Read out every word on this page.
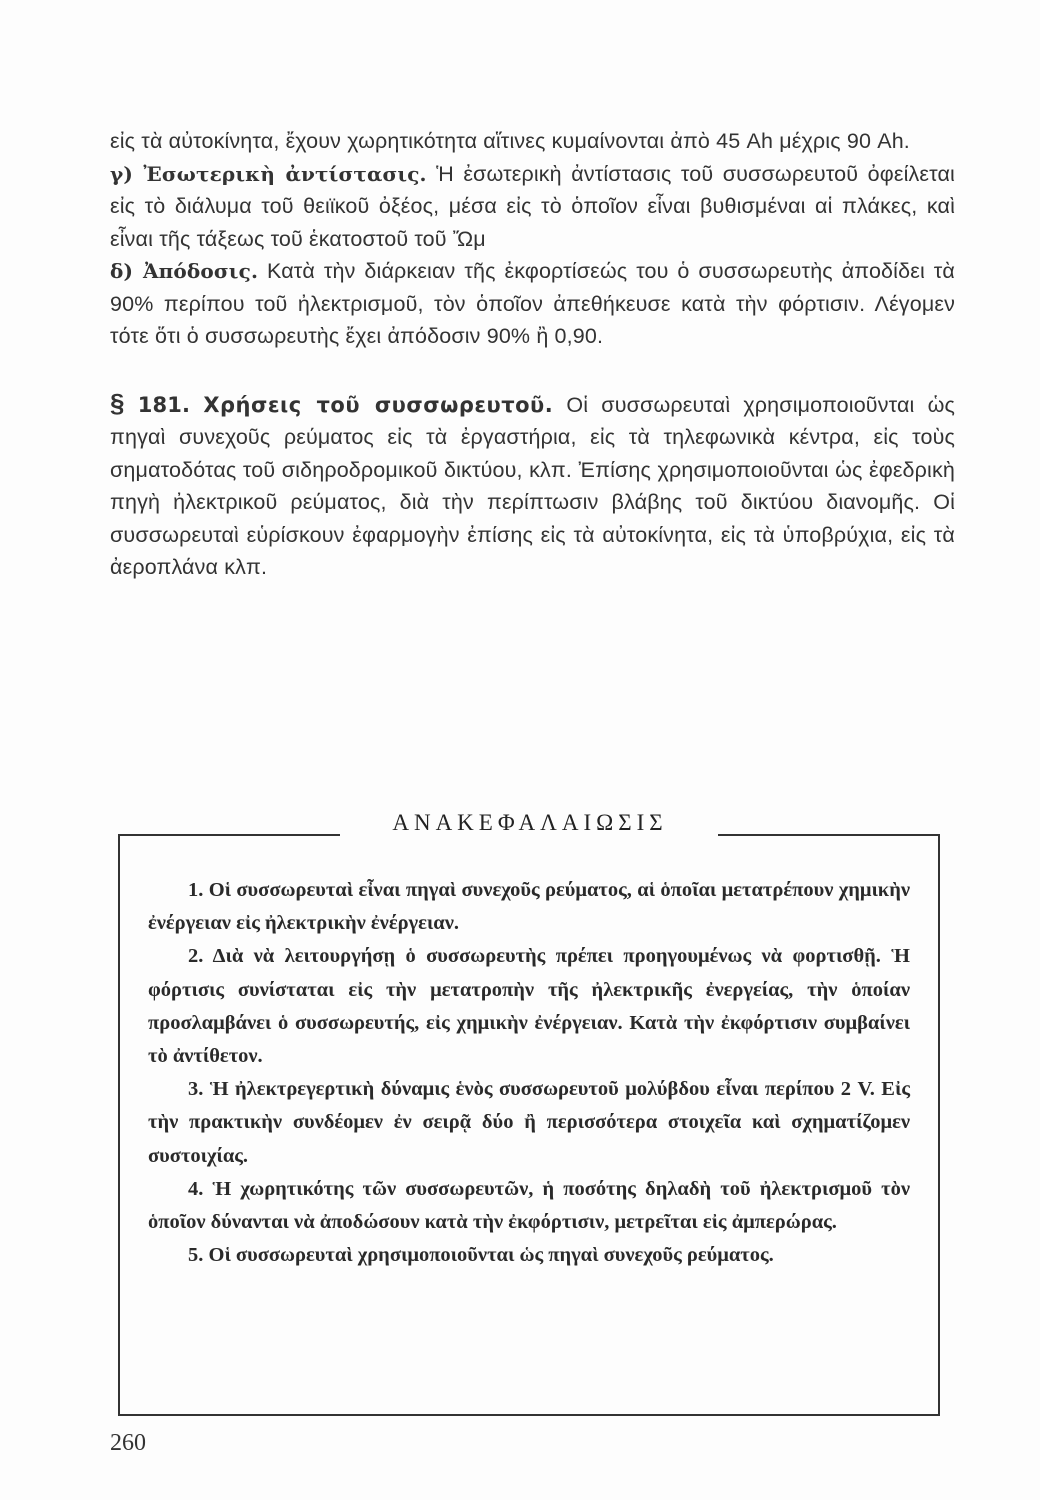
εἰς τὰ αὐτοκίνητα, ἔχουν χωρητικότητα αἵτινες κυμαίνονται ἀπὸ 45 Ah μέχρις 90 Ah.

γ) Ἐσωτερικὴ ἀντίστασις. Ἡ ἐσωτερικὴ ἀντίστασις τοῦ συσσωρευτοῦ ὀφείλεται εἰς τὸ διάλυμα τοῦ θειϊκοῦ ὀξέος, μέσα εἰς τὸ ὁποῖον εἶναι βυθισμέναι αἱ πλάκες, καὶ εἶναι τῆς τάξεως τοῦ ἑκατοστοῦ τοῦ Ὤμ

δ) Ἀπόδοσις. Κατὰ τὴν διάρκειαν τῆς ἐκφορτίσεώς του ὁ συσσωρευτὴς ἀποδίδει τὰ 90% περίπου τοῦ ἠλεκτρισμοῦ, τὸν ὁποῖον ἀπεθήκευσε κατὰ τὴν φόρτισιν. Λέγομεν τότε ὅτι ὁ συσσωρευτὴς ἔχει ἀπόδοσιν 90% ἢ 0,90.

§ 181. Χρήσεις τοῦ συσσωρευτοῦ. Οἱ συσσωρευταὶ χρησιμοποιοῦνται ὡς πηγαὶ συνεχοῦς ρεύματος εἰς τὰ ἐργαστήρια, εἰς τὰ τηλεφωνικὰ κέντρα, εἰς τοὺς σηματοδότας τοῦ σιδηροδρομικοῦ δικτύου, κλπ. Ἐπίσης χρησιμοποιοῦνται ὡς ἐφεδρικὴ πηγὴ ἠλεκτρικοῦ ρεύματος, διὰ τὴν περίπτωσιν βλάβης τοῦ δικτύου διανομῆς. Οἱ συσσωρευταὶ εὑρίσκουν ἐφαρμογὴν ἐπίσης εἰς τὰ αὐτοκίνητα, εἰς τὰ ὑποβρύχια, εἰς τὰ ἀεροπλάνα κλπ.

ΑΝΑΚΕΦΑΛΑΙΩΣΙΣ

1. Οἱ συσσωρευταὶ εἶναι πηγαὶ συνεχοῦς ρεύματος, αἱ ὁποῖαι μετατρέπουν χημικὴν ἐνέργειαν εἰς ἠλεκτρικὴν ἐνέργειαν.

2. Διὰ νὰ λειτουργήσῃ ὁ συσσωρευτὴς πρέπει προηγουμένως νὰ φορτισθῇ. Ἡ φόρτισις συνίσταται εἰς τὴν μετατροπὴν τῆς ἠλεκτρικῆς ἐνεργείας, τὴν ὁποίαν προσλαμβάνει ὁ συσσωρευτής, εἰς χημικὴν ἐνέργειαν. Κατὰ τὴν ἐκφόρτισιν συμβαίνει τὸ ἀντίθετον.

3. Ἡ ἠλεκτρεγερτικὴ δύναμις ἑνὸς συσσωρευτοῦ μολύβδου εἶναι περίπου 2 V. Εἰς τὴν πρακτικὴν συνδέομεν ἐν σειρᾷ δύο ἢ περισσότερα στοιχεῖα καὶ σχηματίζομεν συστοιχίας.

4. Ἡ χωρητικότης τῶν συσσωρευτῶν, ἡ ποσότης δηλαδὴ τοῦ ἠλεκτρισμοῦ τὸν ὁποῖον δύνανται νὰ ἀποδώσουν κατὰ τὴν ἐκφόρτισιν, μετρεῖται εἰς ἀμπερώρας.

5. Οἱ συσσωρευταὶ χρησιμοποιοῦνται ὡς πηγαὶ συνεχοῦς ρεύματος.

260
